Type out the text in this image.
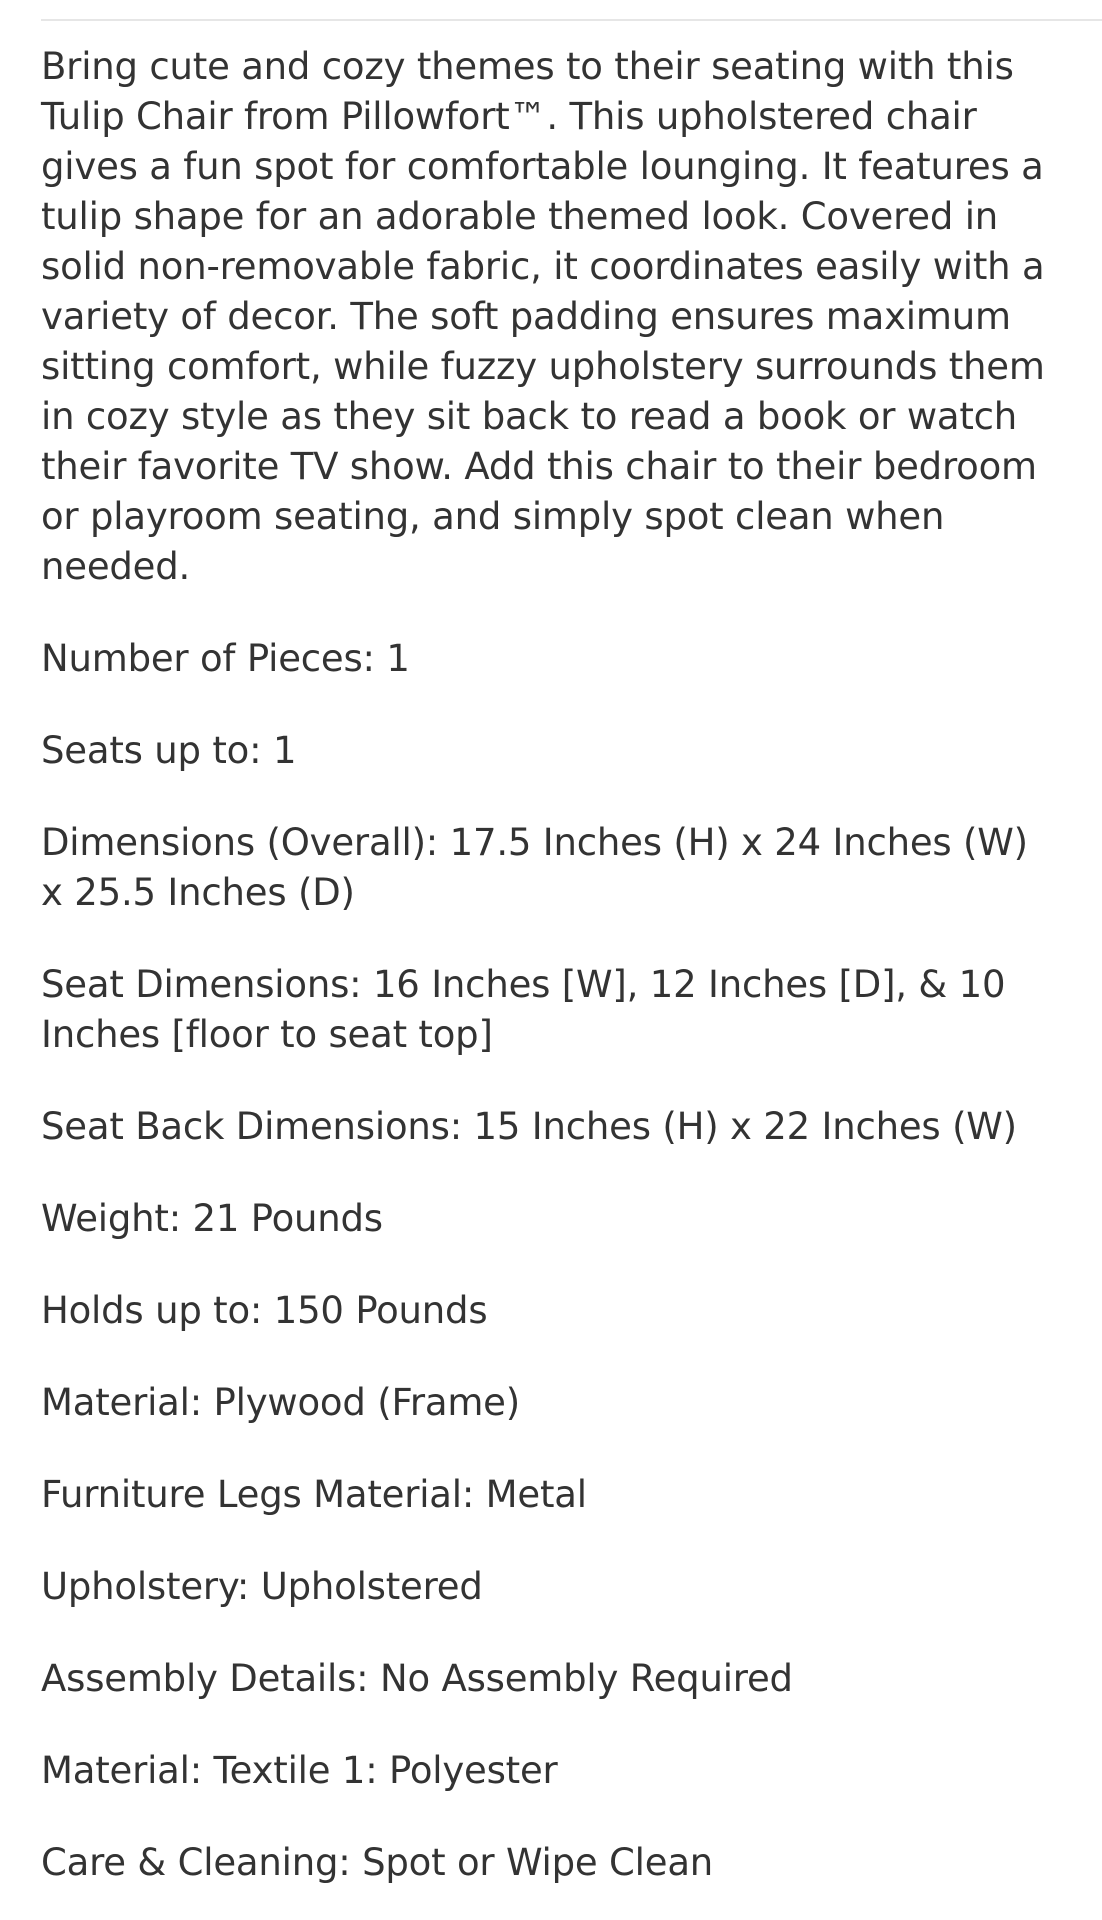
Bring cute and cozy themes to their seating with this Tulip Chair from Pillowfort™. This upholstered chair gives a fun spot for comfortable lounging. It features a tulip shape for an adorable themed look. Covered in solid non-removable fabric, it coordinates easily with a variety of decor. The soft padding ensures maximum sitting comfort, while fuzzy upholstery surrounds them in cozy style as they sit back to read a book or watch their favorite TV show. Add this chair to their bedroom or playroom seating, and simply spot clean when needed.

Number of Pieces: 1
Seats up to: 1
Dimensions (Overall): 17.5 Inches (H) x 24 Inches (W) x 25.5 Inches (D)
Seat Dimensions: 16 Inches [W], 12 Inches [D], & 10 Inches [floor to seat top]
Seat Back Dimensions: 15 Inches (H) x 22 Inches (W)
Weight: 21 Pounds
Holds up to: 150 Pounds
Material: Plywood (Frame)
Furniture Legs Material: Metal
Upholstery: Upholstered
Assembly Details: No Assembly Required
Material: Textile 1: Polyester
Care & Cleaning: Spot or Wipe Clean
